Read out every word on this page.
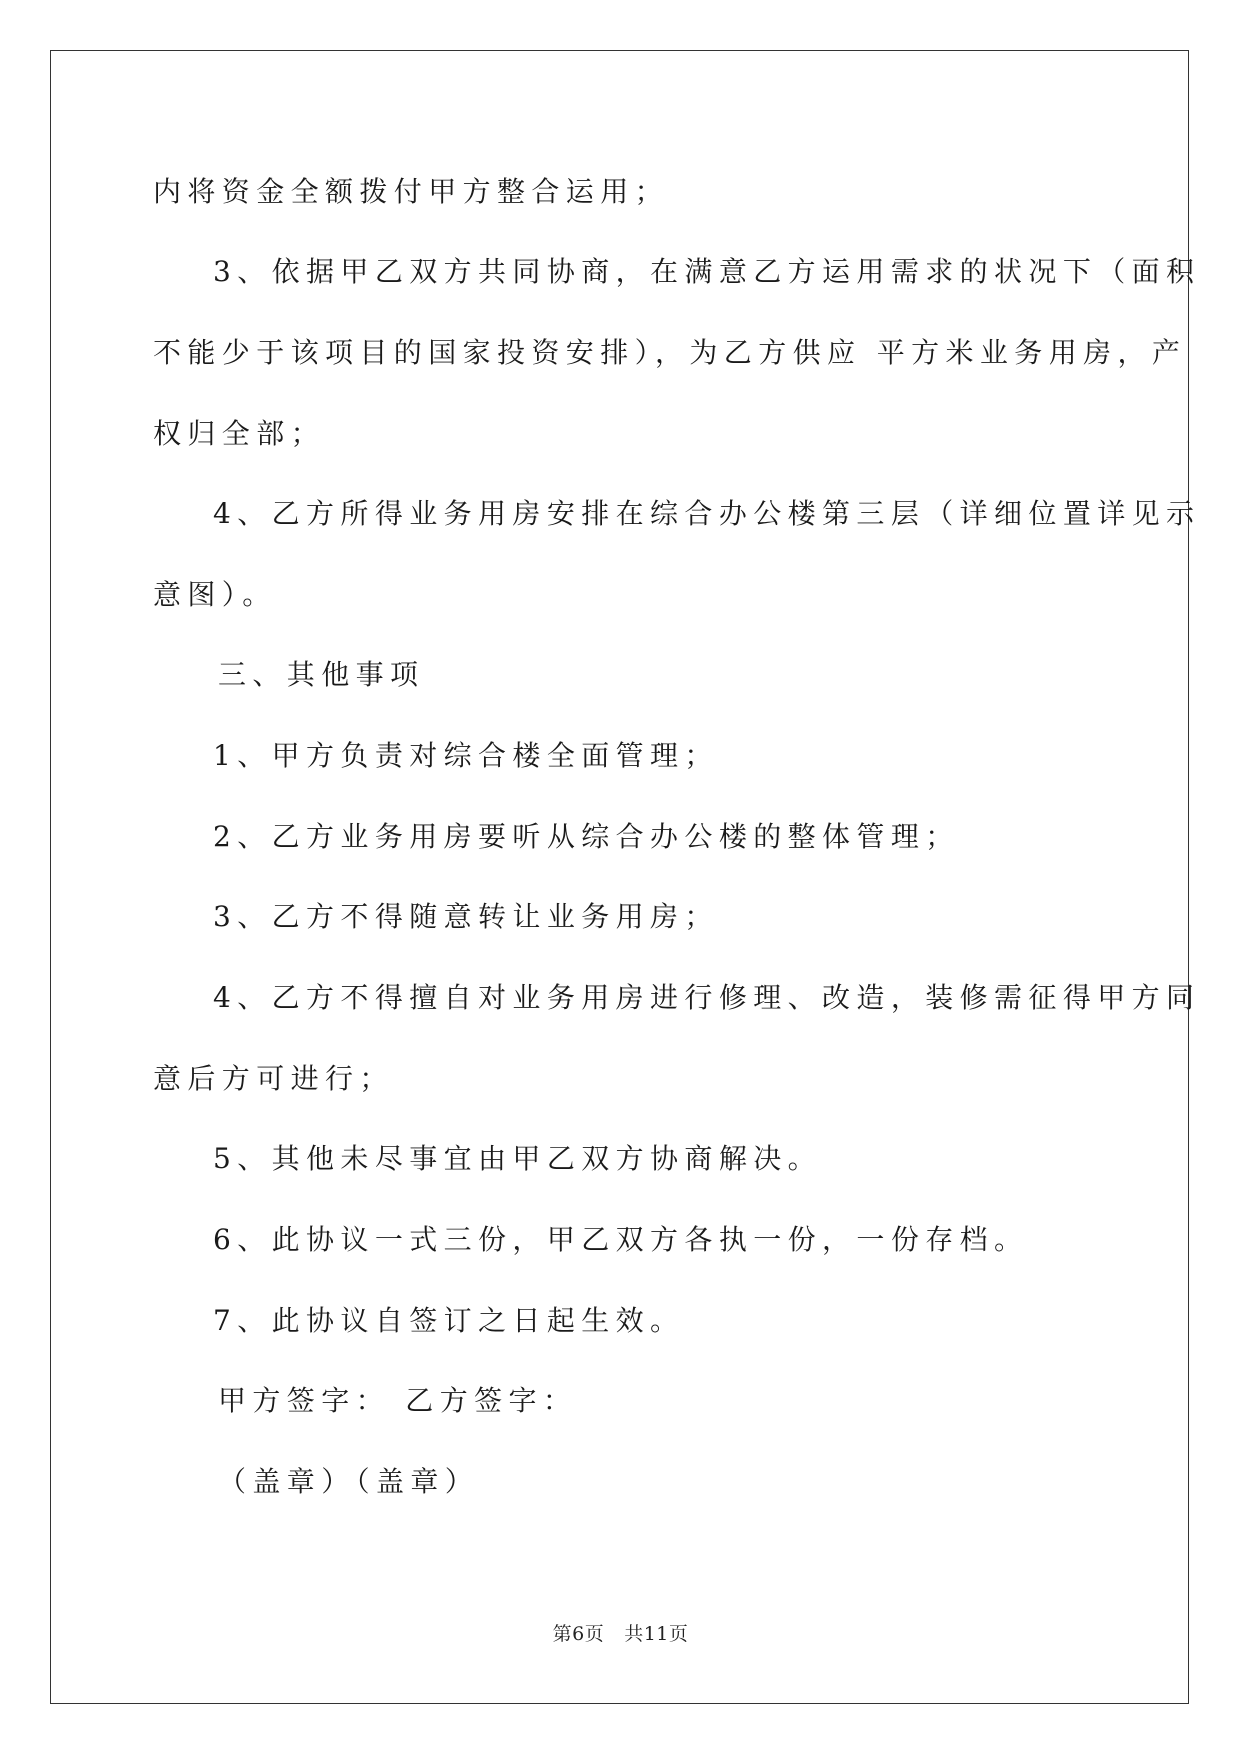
内将资金全额拨付甲方整合运用；
3、依据甲乙双方共同协商，在满意乙方运用需求的状况下（面积
不能少于该项目的国家投资安排），为乙方供应 平方米业务用房，产
权归全部；
4、乙方所得业务用房安排在综合办公楼第三层（详细位置详见示
意图）。
三、其他事项
1、甲方负责对综合楼全面管理；
2、乙方业务用房要听从综合办公楼的整体管理；
3、乙方不得随意转让业务用房；
4、乙方不得擅自对业务用房进行修理、改造，装修需征得甲方同
意后方可进行；
5、其他未尽事宜由甲乙双方协商解决。
6、此协议一式三份，甲乙双方各执一份，一份存档。
7、此协议自签订之日起生效。
甲方签字： 乙方签字：
（盖章）（盖章）
第6页 共11页
